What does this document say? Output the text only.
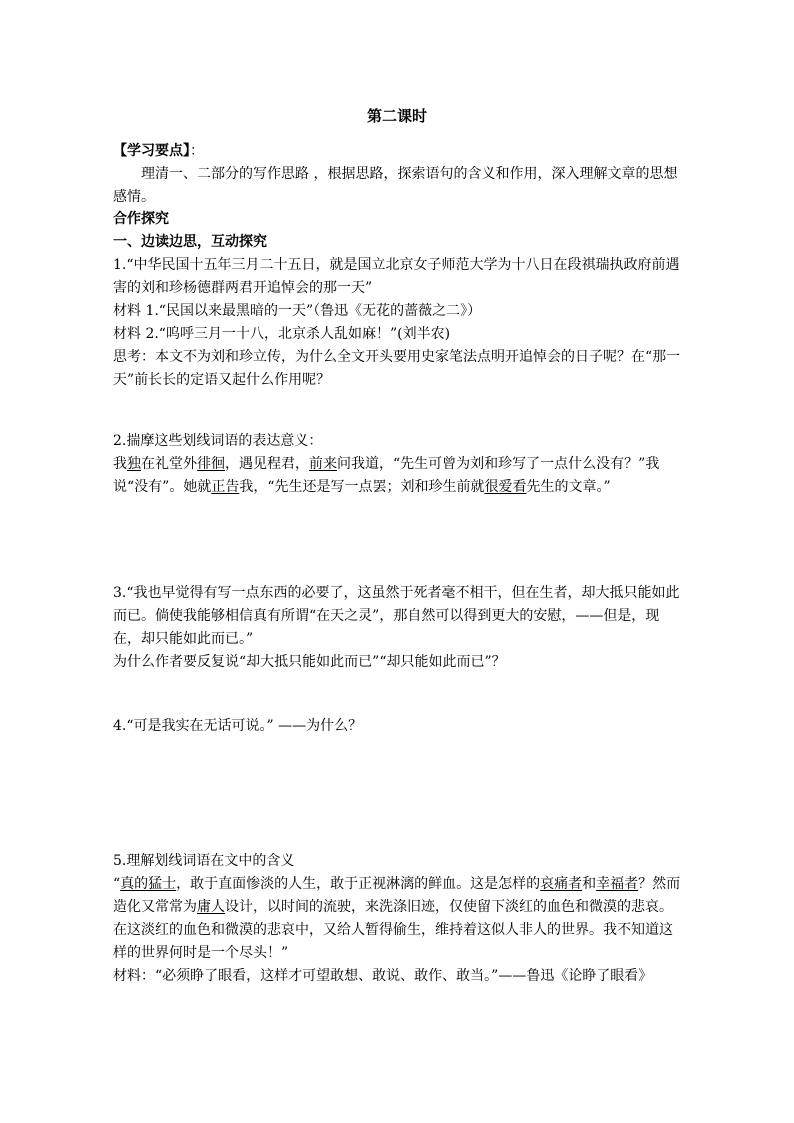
第二课时
【学习要点】：
理清一、二部分的写作思路 ，根据思路，探索语句的含义和作用，深入理解文章的思想感情。
合作探究
一、边读边思，互动探究
1.“中华民国十五年三月二十五日，就是国立北京女子师范大学为十八日在段祺瑞执政府前遇害的刘和珍杨德群两君开追悼会的那一天”
材料 1.“民国以来最黑暗的一天”（鲁迅《无花的蔷薇之二》）
材料 2.“呜呼三月一十八，北京杀人乱如麻！”(刘半农)
思考：本文不为刘和珍立传，为什么全文开头要用史家笔法点明开追悼会的日子呢？在“那一天”前长长的定语又起什么作用呢？
2.揣摩这些划线词语的表达意义：
我独在礼堂外徘徊，遇见程君，前来问我道，“先生可曾为刘和珍写了一点什么没有？”我说“没有”。她就正告我，“先生还是写一点罢；刘和珍生前就很爱看先生的文章。”
3.“我也早觉得有写一点东西的必要了，这虽然于死者毫不相干，但在生者，却大抵只能如此而已。倘使我能够相信真有所谓“在天之灵”，那自然可以得到更大的安慰，——但是，现在，却只能如此而已。”
为什么作者要反复说“却大抵只能如此而已”“却只能如此而已”？
4.“可是我实在无话可说。” ——为什么？
5.理解划线词语在文中的含义
“真的猛士，敢于直面惨淡的人生，敢于正视淋漓的鲜血。这是怎样的哀痛者和幸福者？然而造化又常常为庸人设计，以时间的流驶，来洗涤旧迹，仅使留下淡红的血色和微漠的悲哀。在这淡红的血色和微漠的悲哀中，又给人暂得偷生，维持着这似人非人的世界。我不知道这样的世界何时是一个尽头！”
材料：“必须睁了眼看，这样才可望敢想、敢说、敢作、敢当。”——鲁迅《论睁了眼看》
